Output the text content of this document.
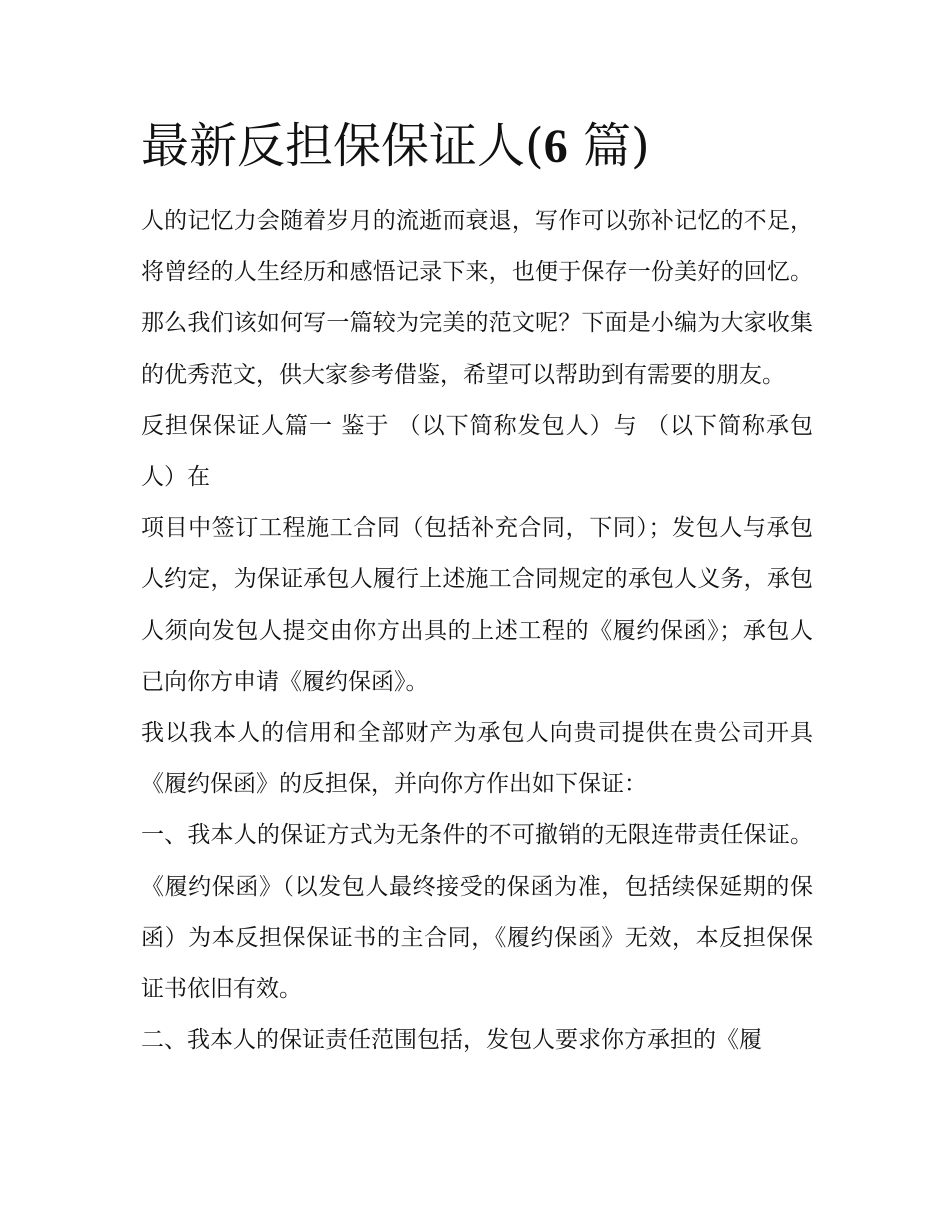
最新反担保保证人(6 篇)

人的记忆力会随着岁月的流逝而衰退，写作可以弥补记忆的不足，将曾经的人生经历和感悟记录下来，也便于保存一份美好的回忆。那么我们该如何写一篇较为完美的范文呢？下面是小编为大家收集的优秀范文，供大家参考借鉴，希望可以帮助到有需要的朋友。

反担保保证人篇一 鉴于 （以下简称发包人）与 （以下简称承包人）在

项目中签订工程施工合同（包括补充合同，下同）；发包人与承包人约定，为保证承包人履行上述施工合同规定的承包人义务，承包人须向发包人提交由你方出具的上述工程的《履约保函》；承包人已向你方申请《履约保函》。

我以我本人的信用和全部财产为承包人向贵司提供在贵公司开具《履约保函》的反担保，并向你方作出如下保证：

一、我本人的保证方式为无条件的不可撤销的无限连带责任保证。《履约保函》（以发包人最终接受的保函为准，包括续保延期的保函）为本反担保保证书的主合同，《履约保函》无效，本反担保保证书依旧有效。

二、我本人的保证责任范围包括，发包人要求你方承担的《履
